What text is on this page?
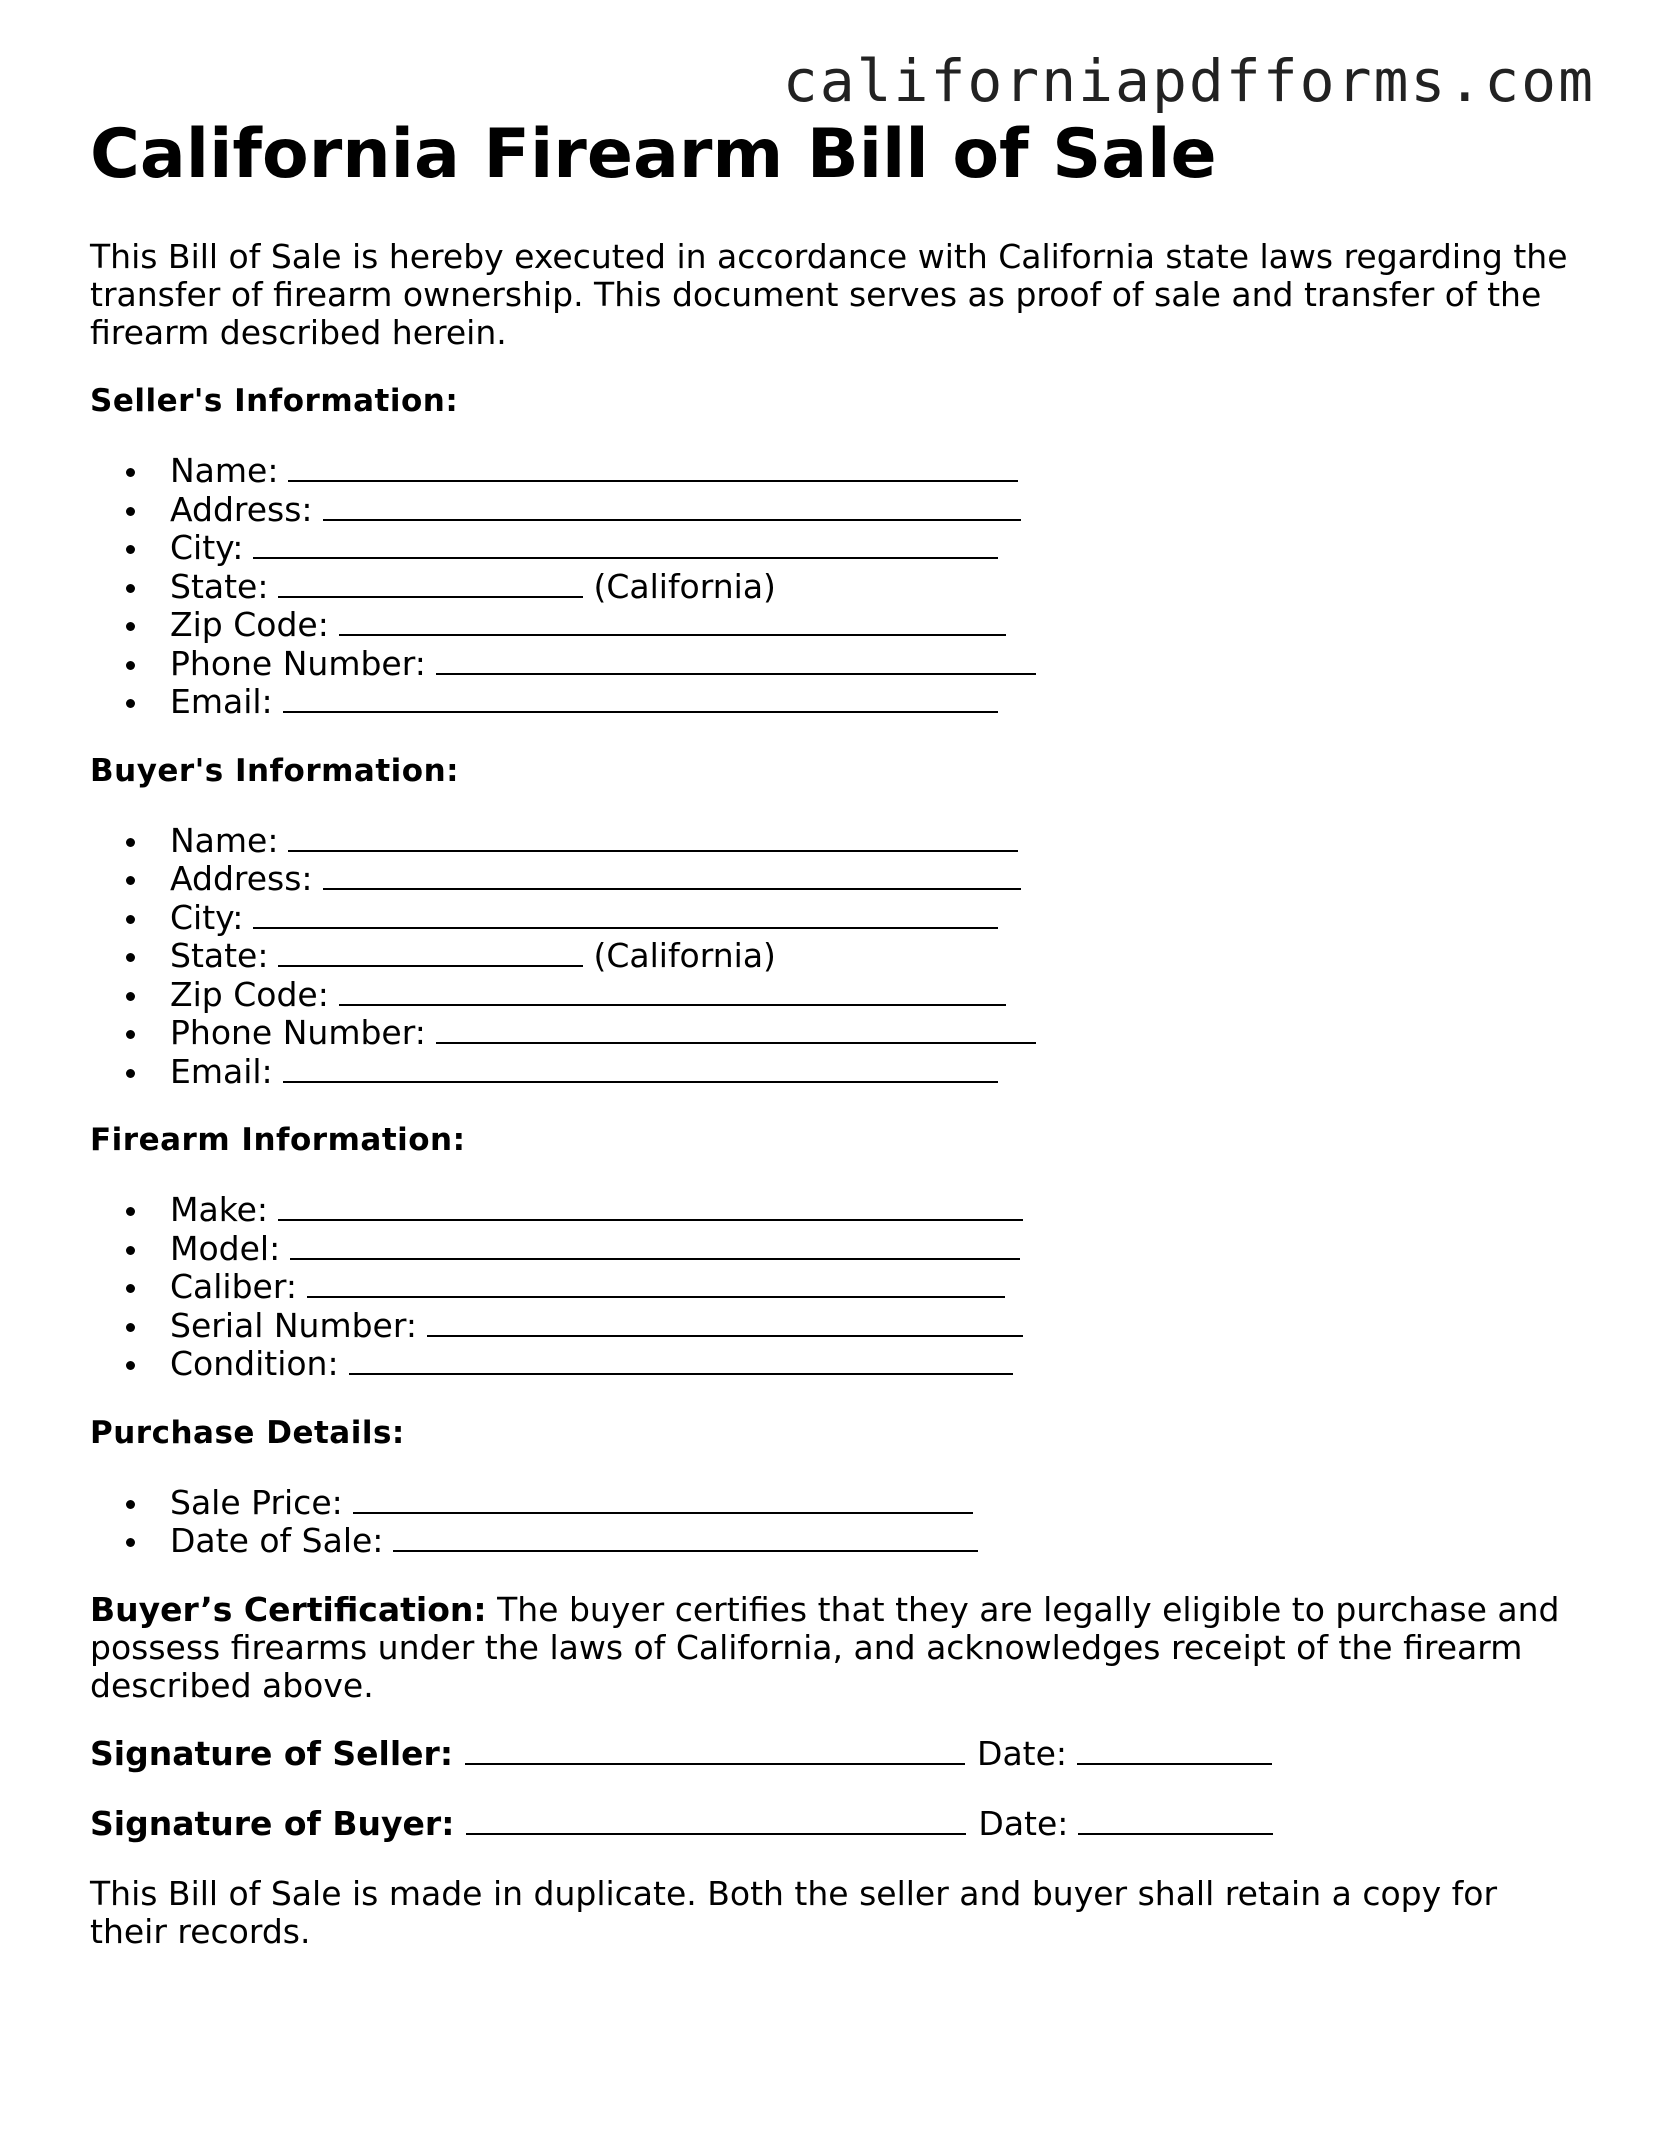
californiapdfforms.com
California Firearm Bill of Sale

This Bill of Sale is hereby executed in accordance with California state laws regarding the transfer of firearm ownership. This document serves as proof of sale and transfer of the firearm described herein.

Seller's Information:
Name:
Address:
City:
State:	(California)
Zip Code:
Phone Number:
Email:
Buyer's Information:
Name:
Address:
City:
State:	(California)
Zip Code:
Phone Number:
Email:
Firearm Information:
Make:
Model:
Caliber:
Serial Number:
Condition:
Purchase Details:
Sale Price:
Date of Sale:

Buyer’s Certification: The buyer certifies that they are legally eligible to purchase and possess firearms under the laws of California, and acknowledges receipt of the firearm described above.

Signature of Seller:	Date:
Signature of Buyer:	Date:

This Bill of Sale is made in duplicate. Both the seller and buyer shall retain a copy for their records.
